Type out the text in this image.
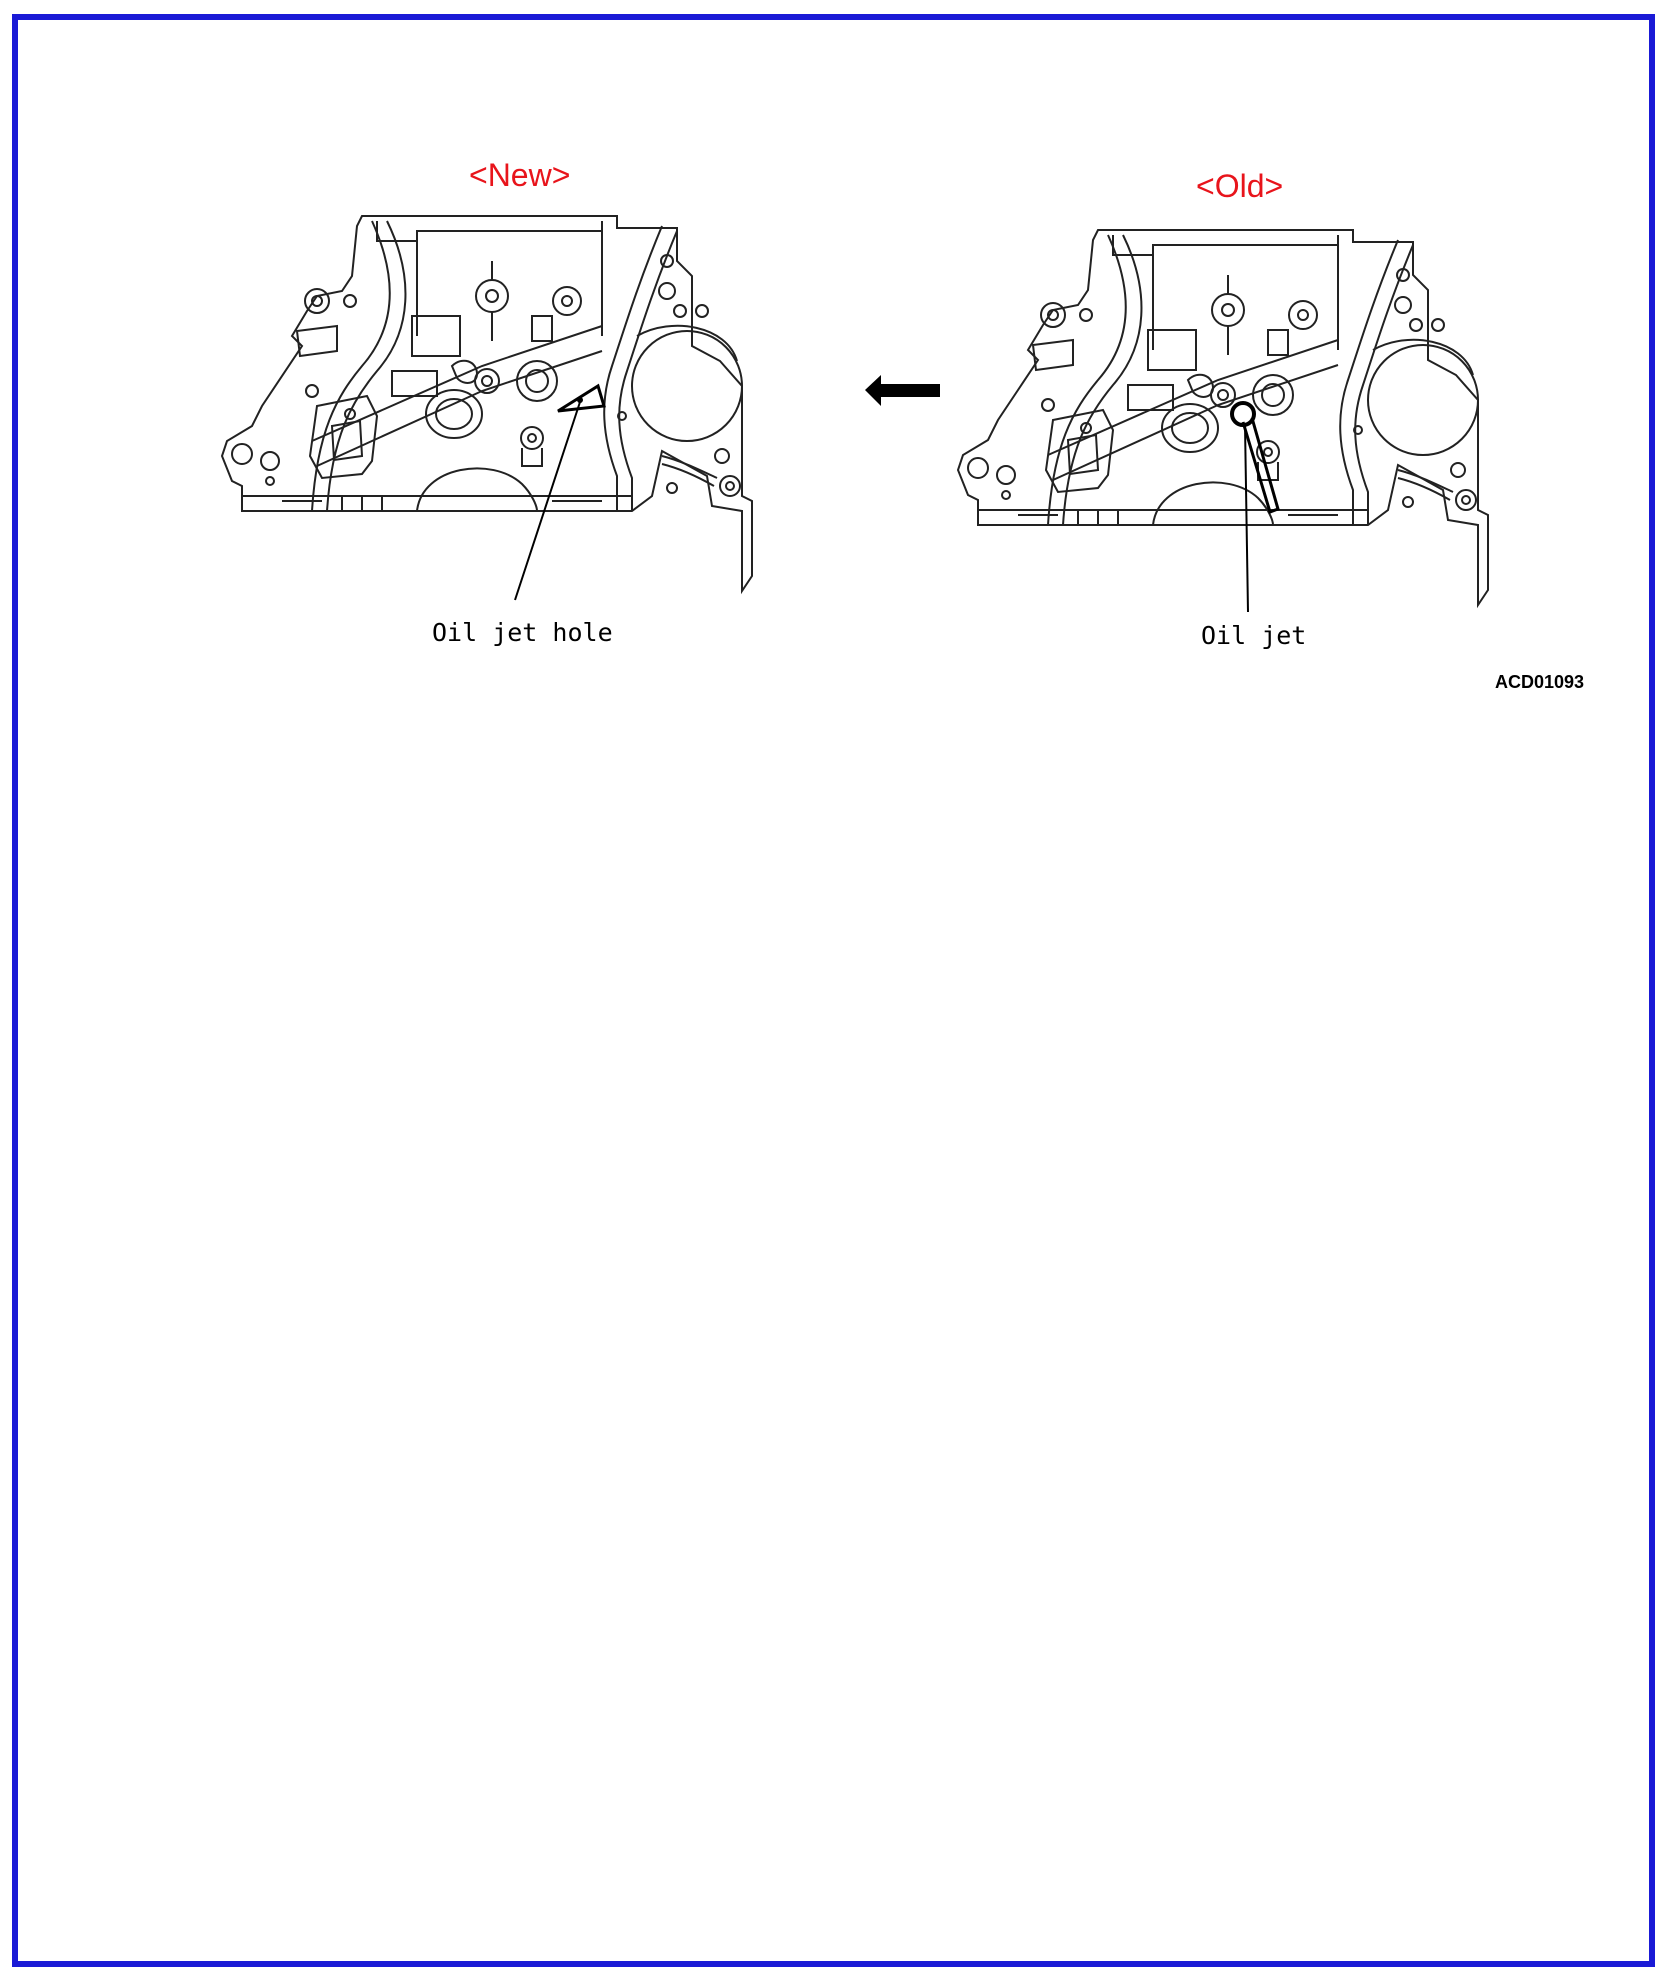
<New>	<Old>
Oil jet hole	Oil jet
ACD01093
